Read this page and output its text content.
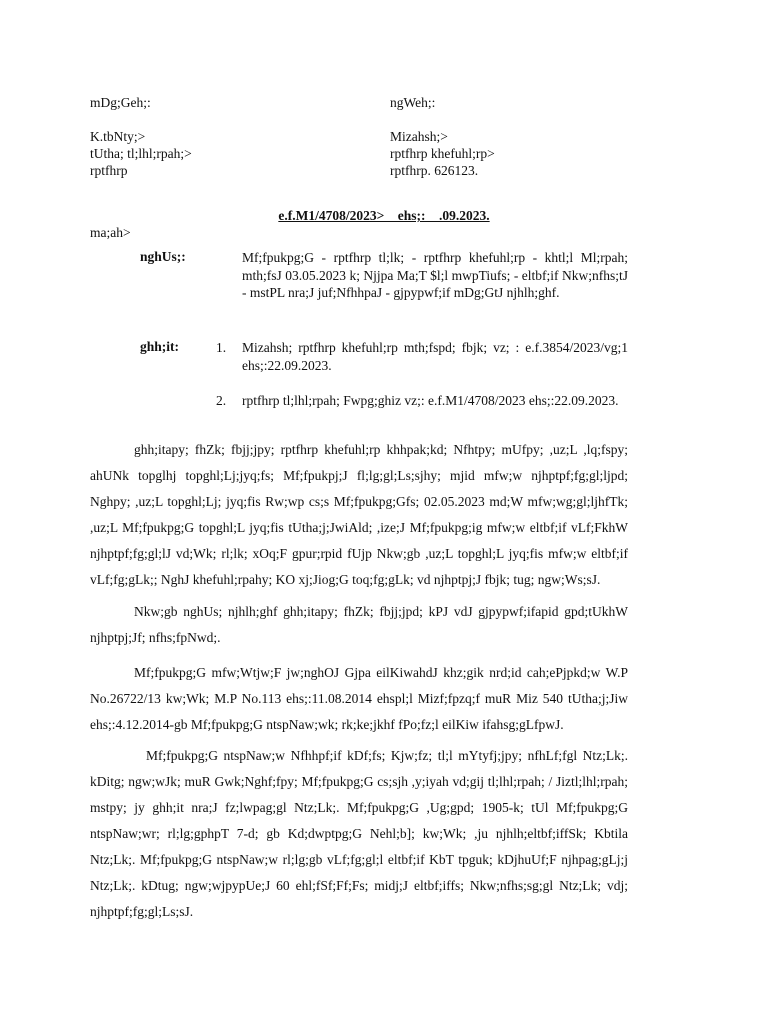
mDg;Geh;:
K.tbNty;>
tUtha; tl;lhl;rpah;>
rptfhrp
ngWeh;:
Mizahsh;>
rptfhrp khefuhl;rp>
rptfhrp. 626123.
e.f.M1/4708/2023>    ehs;:    .09.2023.
ma;ah>
nghUs;:	Mf;fpukpg;G - rptfhrp tl;lk; - rptfhrp khefuhl;rp - khtl;l Ml;rpah; mth;fsJ 03.05.2023 k; Njjpa Ma;T $l;l mwpTiufs; - eltbf;if Nkw;nfhs;tJ - mstPL nra;J juf;NfhhpaJ - gjpypwf;if mDg;GtJ njhlh;ghf.
ghh;it:	1. Mizahsh; rptfhrp khefuhl;rp mth;fspd; fbjk; vz; : e.f.3854/2023/vg;1 ehs;:22.09.2023.
2. rptfhrp tl;lhl;rpah; Fwpg;ghiz vz;: e.f.M1/4708/2023 ehs;:22.09.2023.
ghh;itapy; fhZk; fbjj;jpy; rptfhrp khefuhl;rp khhpak;kd; Nfhtpy; mUfpy; ,uz;L ,lq;fspy; ahUNk topglhj topghl;Lj;jyq;fs; Mf;fpukpj;J fl;lg;gl;Ls;sjhy; mjid mfw;w njhptpf;fg;gl;ljpd; Nghpy; ,uz;L topghl;Lj; jyq;fis Rw;wp cs;s Mf;fpukpg;Gfs; 02.05.2023 md;W mfw;wg;gl;ljhfTk; ,uz;L Mf;fpukpg;G topghl;L jyq;fis tUtha;j;JwiAld; ,ize;J Mf;fpukpg;ig mfw;w eltbf;if vLf;FkhW njhptpf;fg;gl;lJ vd;Wk; rl;lk; xOq;F gpur;rpid fUjp Nkw;gb ,uz;L topghl;L jyq;fis mfw;w eltbf;if vLf;fg;gLk;; NghJ khefuhl;rpahy; KO xj;Jiog;G toq;fg;gLk; vd njhptpj;J fbjk; tug; ngw;Ws;sJ.
Nkw;gb nghUs; njhlh;ghf ghh;itapy; fhZk; fbjj;jpd; kPJ vdJ gjpypwf;ifapid gpd;tUkhW njhptpj;Jf; nfhs;fpNwd;.
Mf;fpukpg;G mfw;Wtjw;F jw;nghOJ Gjpa eilKiwahdJ khz;gik nrd;id cah;ePjpkd;w W.P No.26722/13 kw;Wk; M.P No.113 ehs;:11.08.2014 ehspl;l Mizf;fpzq;f muR Miz 540 tUtha;j;Jiw ehs;:4.12.2014-gb Mf;fpukpg;G ntspNaw;wk; rk;ke;jkhf fPo;fz;l eilKiw ifahsg;gLfpwJ.
Mf;fpukpg;G ntspNaw;w Nfhhpf;if kDf;fs; Kjw;fz; tl;l mYtyfj;jpy; nfhLf;fgl Ntz;Lk;. kDitg; ngw;wJk; muR Gwk;Nghf;fpy; Mf;fpukpg;G cs;sjh ,y;iyah vd;gij tl;lhl;rpah; / Jiztl;lhl;rpah; mstpy; jy ghh;it nra;J fz;lwpag;gl Ntz;Lk;. Mf;fpukpg;G ,Ug;gpd; 1905-k; tUl Mf;fpukpg;G ntspNaw;wr; rl;lg;gphpT 7-d; gb Kd;dwptpg;G Nehl;b]; kw;Wk; ,ju njhlh;eltbf;iffSk; Kbtila Ntz;Lk;. Mf;fpukpg;G ntspNaw;w rl;lg;gb vLf;fg;gl;l eltbf;if KbT tpguk; kDjhuUf;F njhpag;gLj;j Ntz;Lk;. kDtug; ngw;wjpypUe;J 60 ehl;fSf;Ff;Fs; midj;J eltbf;iffs; Nkw;nfhs;sg;gl Ntz;Lk; vdj; njhptpf;fg;gl;Ls;sJ.
